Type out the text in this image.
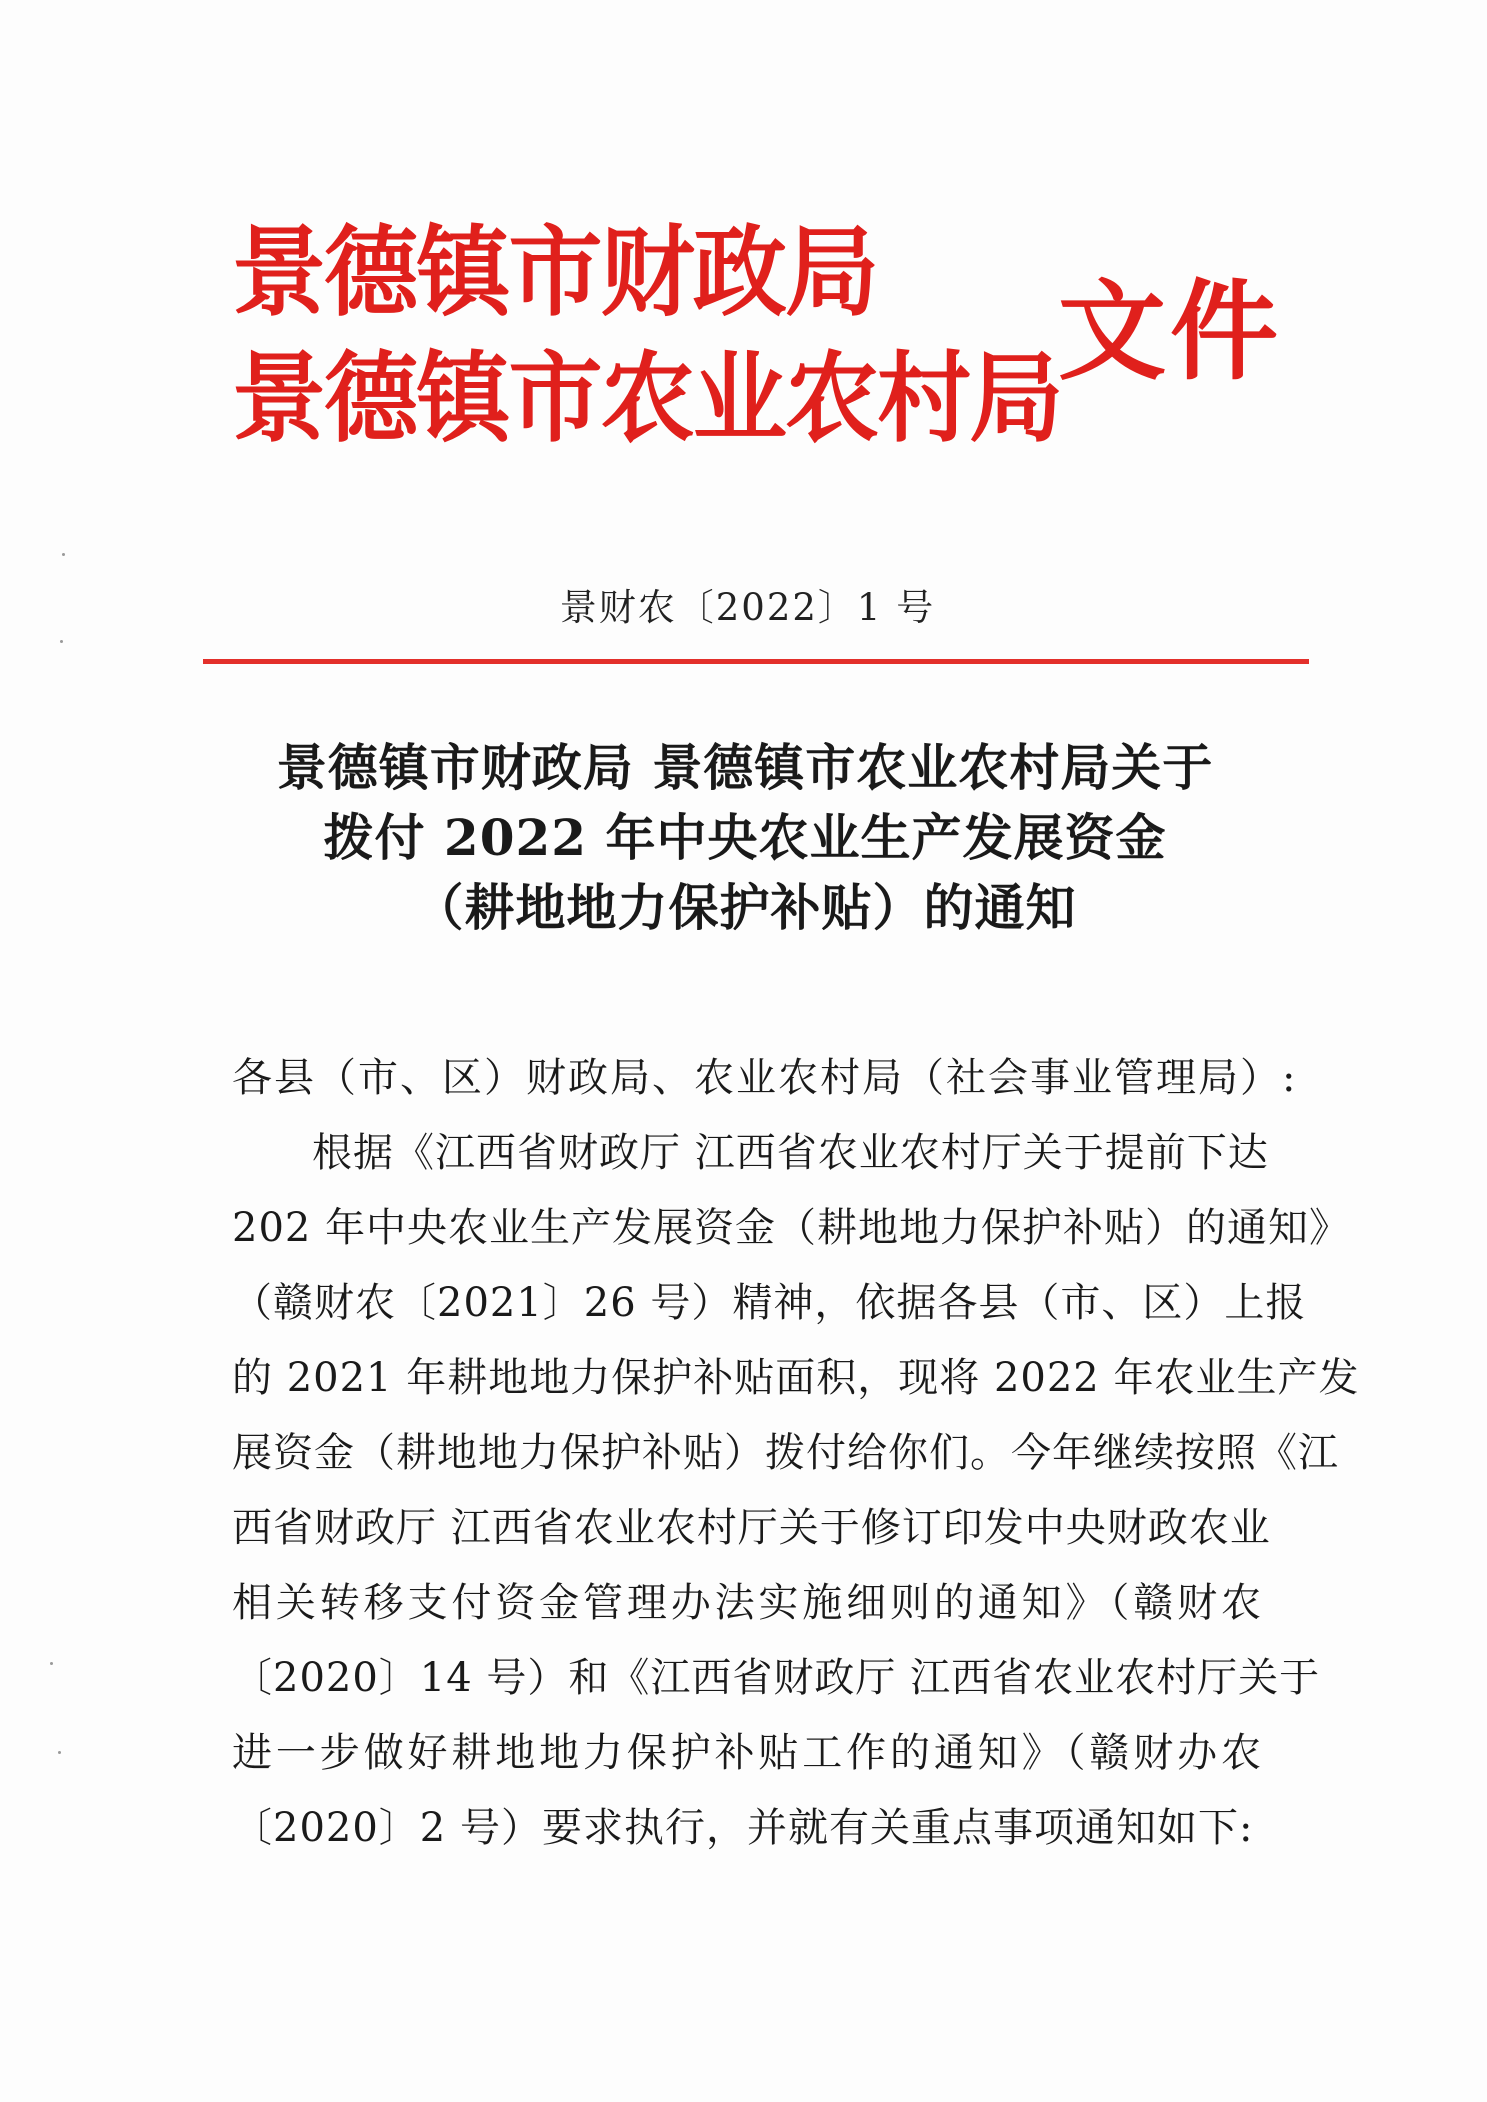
景德镇市财政局
景德镇市农业农村局
文件
景财农〔2022〕1 号
景德镇市财政局 景德镇市农业农村局关于
拨付 2022 年中央农业生产发展资金
（耕地地力保护补贴）的通知
各县（市、区）财政局、农业农村局（社会事业管理局）:
根据《江西省财政厅 江西省农业农村厅关于提前下达
202 年中央农业生产发展资金（耕地地力保护补贴）的通知》
（赣财农〔2021〕26 号）精神，依据各县（市、区）上报
的 2021 年耕地地力保护补贴面积，现将 2022 年农业生产发
展资金（耕地地力保护补贴）拨付给你们。今年继续按照《江
西省财政厅 江西省农业农村厅关于修订印发中央财政农业
相关转移支付资金管理办法实施细则的通知》（赣财农
〔2020〕14 号）和《江西省财政厅 江西省农业农村厅关于
进一步做好耕地地力保护补贴工作的通知》（赣财办农
〔2020〕2 号）要求执行，并就有关重点事项通知如下:
